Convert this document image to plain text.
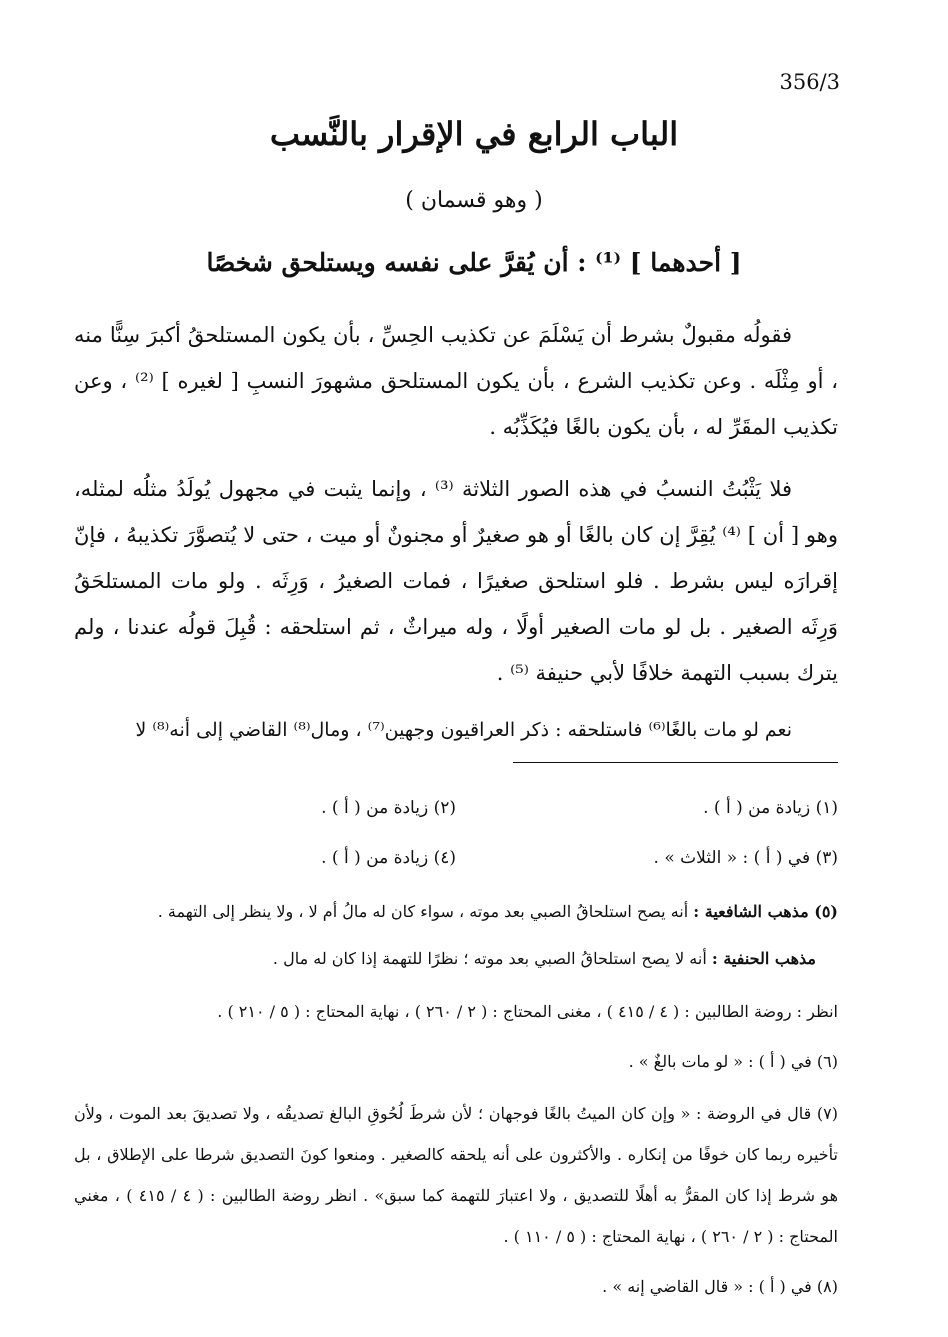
356/3
الباب الرابع في الإقرار بالنَّسب
( وهو قسمان )
[ أحدهما ] ⁽¹⁾ : أن يُقرَّ على نفسه ويستلحق شخصًا

فقولُه مقبولٌ بشرط أن يَسْلَمَ عن تكذيب الحِسِّ ، بأن يكون المستلحقُ أكبرَ سِنًّا منه ، أو مِثْلَه . وعن تكذيب الشرع ، بأن يكون المستلحق مشهورَ النسبِ [ لغيره ] ⁽²⁾ ، وعن تكذيب المقَرِّ له ، بأن يكون بالغًا فيُكَذِّبُه .

فلا يَثْبُتُ النسبُ في هذه الصور الثلاثة ⁽³⁾ ، وإنما يثبت في مجهول يُولَدُ مثلُه لمثله، وهو [ أن ] ⁽⁴⁾ يُقِرَّ إن كان بالغًا أو هو صغيرٌ أو مجنونٌ أو ميت ، حتى لا يُتصوَّرَ تكذيبهُ ، فإنّ إقرارَه ليس بشرط . فلو استلحق صغيرًا ، فمات الصغيرُ ، وَرِثَه . ولو مات المستلحَقُ وَرِثَه الصغير . بل لو مات الصغير أولًا ، وله ميراثٌ ، ثم استلحقه : قُبِلَ قولُه عندنا ، ولم يترك بسبب التهمة خلافًا لأبي حنيفة ⁽⁵⁾ .

نعم لو مات بالغًا⁽⁶⁾ فاستلحقه : ذكر العراقيون وجهين⁽⁷⁾ ، ومال⁽⁸⁾ القاضي إلى أنه⁽⁸⁾ لا
(١) زيادة من ( أ ) .
(٢) زيادة من ( أ ) .
(٣) في ( أ ) : « الثلاث » .
(٤) زيادة من ( أ ) .
(٥) مذهب الشافعية : أنه يصح استلحاقُ الصبي بعد موته ، سواء كان له مالُ أم لا ، ولا ينظر إلى التهمة .
مذهب الحنفية : أنه لا يصح استلحاقُ الصبي بعد موته ؛ نظرًا للتهمة إذا كان له مال .
انظر : روضة الطالبين : ( ٤ / ٤١٥ ) ، مغنى المحتاج : ( ٢ / ٢٦٠ ) ، نهاية المحتاج : ( ٥ / ٢١٠ ) .
(٦) في ( أ ) : « لو مات بالغٌ » .
(٧) قال في الروضة : « وإن كان الميتُ بالغًا فوجهان ؛ لأن شرطَ لُحُوقِ البالغ تصديقُه ، ولا تصديقَ بعد الموت ، ولأن تأخيره ربما كان خوفًا من إنكاره . والأكثرون على أنه يلحقه كالصغير . ومنعوا كونَ التصديق شرطا على الإطلاق ، بل هو شرط إذا كان المقرُّ به أهلًا للتصديق ، ولا اعتبارَ للتهمة كما سبق» . انظر روضة الطالبين : ( ٤ / ٤١٥ ) ، مغني المحتاج : ( ٢ / ٢٦٠ ) ، نهاية المحتاج : ( ٥ / ١١٠ ) .
(٨) في ( أ ) : « قال القاضي إنه » .
